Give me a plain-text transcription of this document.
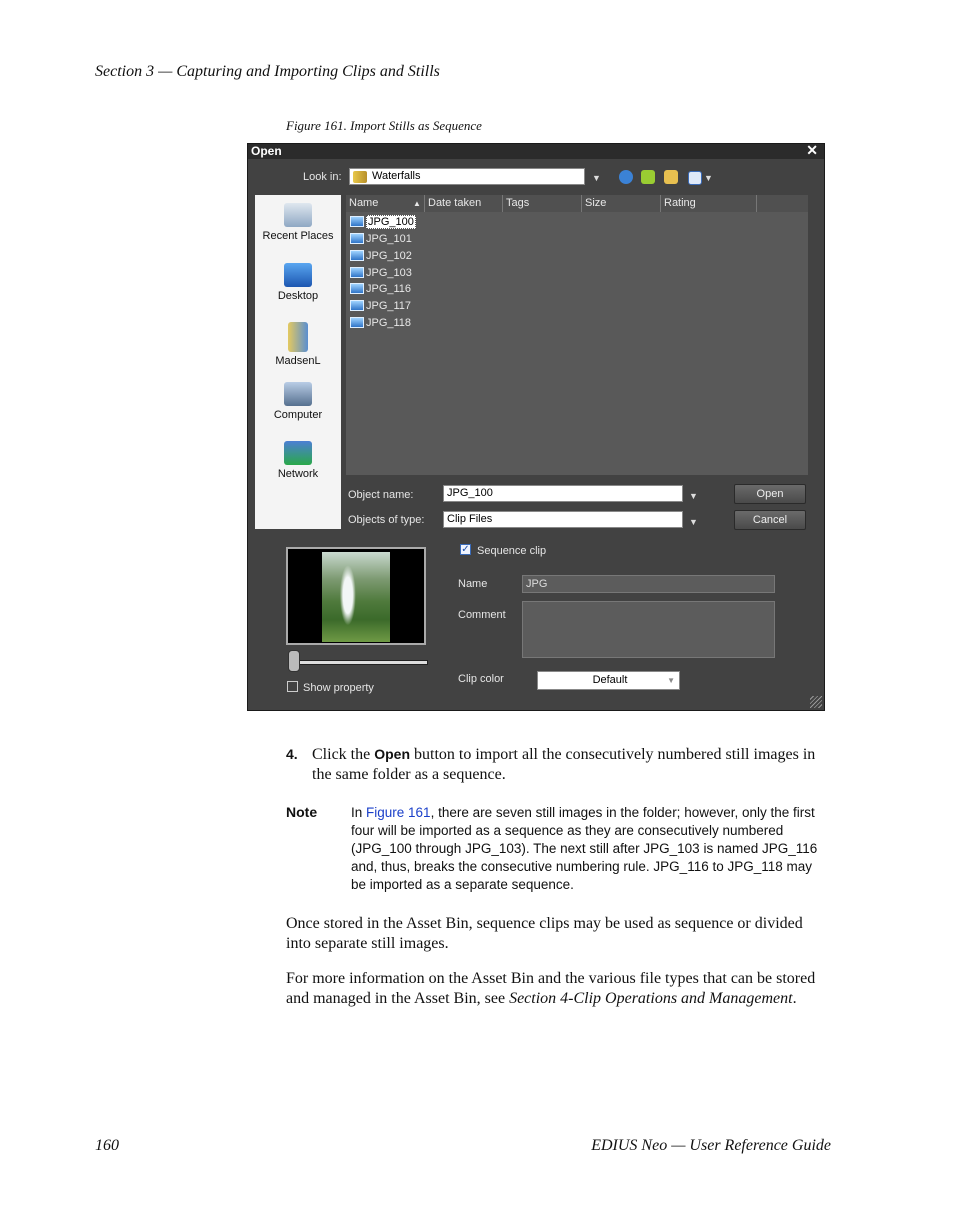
Section 3 — Capturing and Importing Clips and Stills
Figure 161. Import Stills as Sequence
Open	✕
Look in:	Waterfalls	▼	▼
Recent Places
Desktop
MadsenL
Computer
Network
Name	▲ Date taken	Tags	Size	Rating
JPG_100
JPG_101
JPG_102
JPG_103
JPG_116
JPG_117
JPG_118
Object name:	JPG_100	▼	Open
Objects of type:	Clip Files	▼	Cancel
Show property
✓ Sequence clip
Name	JPG
Comment
Clip color	Default	▼
4. Click the Open button to import all the consecutively numbered still images in the same folder as a sequence.
Note	In Figure 161, there are seven still images in the folder; however, only the first four will be imported as a sequence as they are consecutively numbered (JPG_100 through JPG_103). The next still after JPG_103 is named JPG_116 and, thus, breaks the consecutive numbering rule. JPG_116 to JPG_118 may be imported as a separate sequence.
Once stored in the Asset Bin, sequence clips may be used as sequence or divided into separate still images.
For more information on the Asset Bin and the various file types that can be stored and managed in the Asset Bin, see Section 4-Clip Operations and Management.
160	EDIUS Neo — User Reference Guide
